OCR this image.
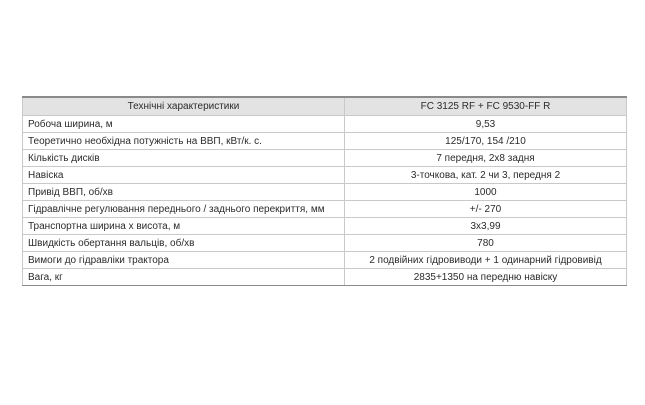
Технічні характеристики	FC 3125 RF + FC 9530-FF R
Робоча ширина, м	9,53
Теоретично необхідна потужність на ВВП, кВт/к. с.	125/170, 154 /210
Кількість дисків	7 передня, 2x8 задня
Навіска	3-точкова, кат. 2 чи 3, передня 2
Привід ВВП, об/хв	1000
Гідравлічне регулювання переднього / заднього перекриття, мм	+/- 270
Транспортна ширина х висота, м	3x3,99
Швидкість обертання вальців, об/хв	780
Вимоги до гідравліки трактора	2 подвійних гідровиводи + 1 одинарний гідровивід
Вага, кг	2835+1350 на передню навіску
